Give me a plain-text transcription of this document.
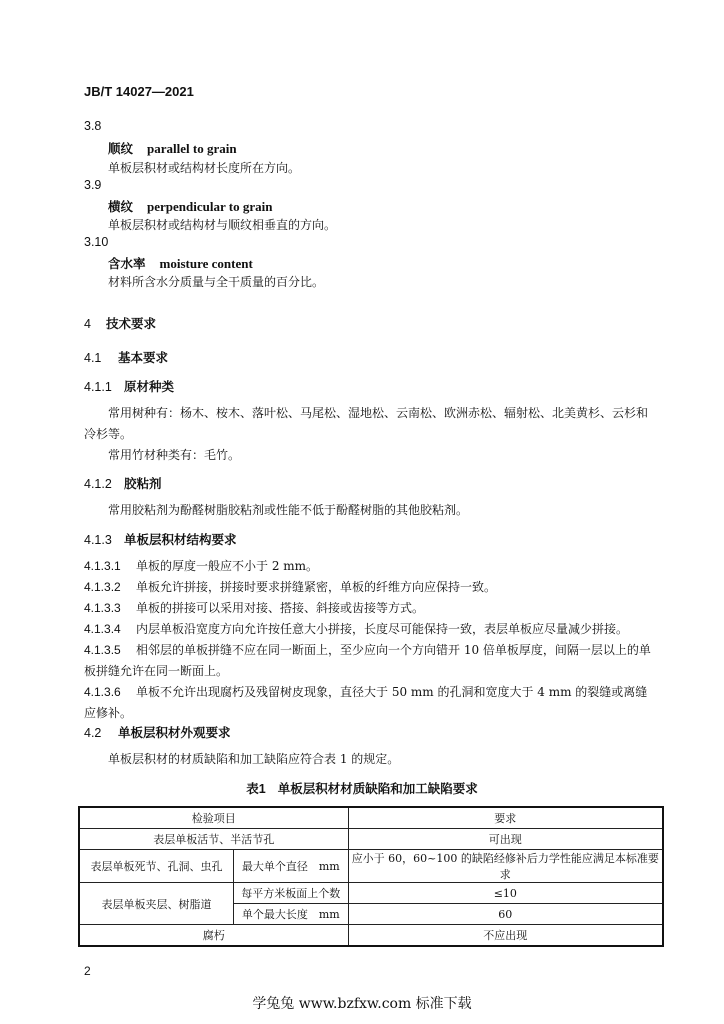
JB/T 14027—2021
3.8
顺纹 parallel to grain
单板层积材或结构材长度所在方向。
3.9
横纹 perpendicular to grain
单板层积材或结构材与顺纹相垂直的方向。
3.10
含水率 moisture content
材料所含水分质量与全干质量的百分比。
4 技术要求
4.1 基本要求
4.1.1 原材种类
常用树种有：杨木、桉木、落叶松、马尾松、湿地松、云南松、欧洲赤松、辐射松、北美黄杉、云杉和冷杉等。
常用竹材种类有：毛竹。
4.1.2 胶粘剂
常用胶粘剂为酚醛树脂胶粘剂或性能不低于酚醛树脂的其他胶粘剂。
4.1.3 单板层积材结构要求
4.1.3.1 单板的厚度一般应不小于 2 mm。
4.1.3.2 单板允许拼接，拼接时要求拼缝紧密，单板的纤维方向应保持一致。
4.1.3.3 单板的拼接可以采用对接、搭接、斜接或齿接等方式。
4.1.3.4 内层单板沿宽度方向允许按任意大小拼接，长度尽可能保持一致，表层单板应尽量减少拼接。
4.1.3.5 相邻层的单板拼缝不应在同一断面上，至少应向一个方向错开 10 倍单板厚度，间隔一层以上的单板拼缝允许在同一断面上。
4.1.3.6 单板不允许出现腐朽及残留树皮现象，直径大于 50 mm 的孔洞和宽度大于 4 mm 的裂缝或离缝应修补。
4.2 单板层积材外观要求
单板层积材的材质缺陷和加工缺陷应符合表 1 的规定。
表1 单板层积材材质缺陷和加工缺陷要求
检验项目		要求
表层单板活节、半活节孔		可出现
表层单板死节、孔洞、虫孔	最大单个直径　mm	应小于 60，60~100 的缺陷经修补后力学性能应满足本标准要求
表层单板夹层、树脂道	每平方米板面上个数	≤10
	单个最大长度　mm	60
腐朽		不应出现
2
学兔兔 www.bzfxw.com 标准下载
